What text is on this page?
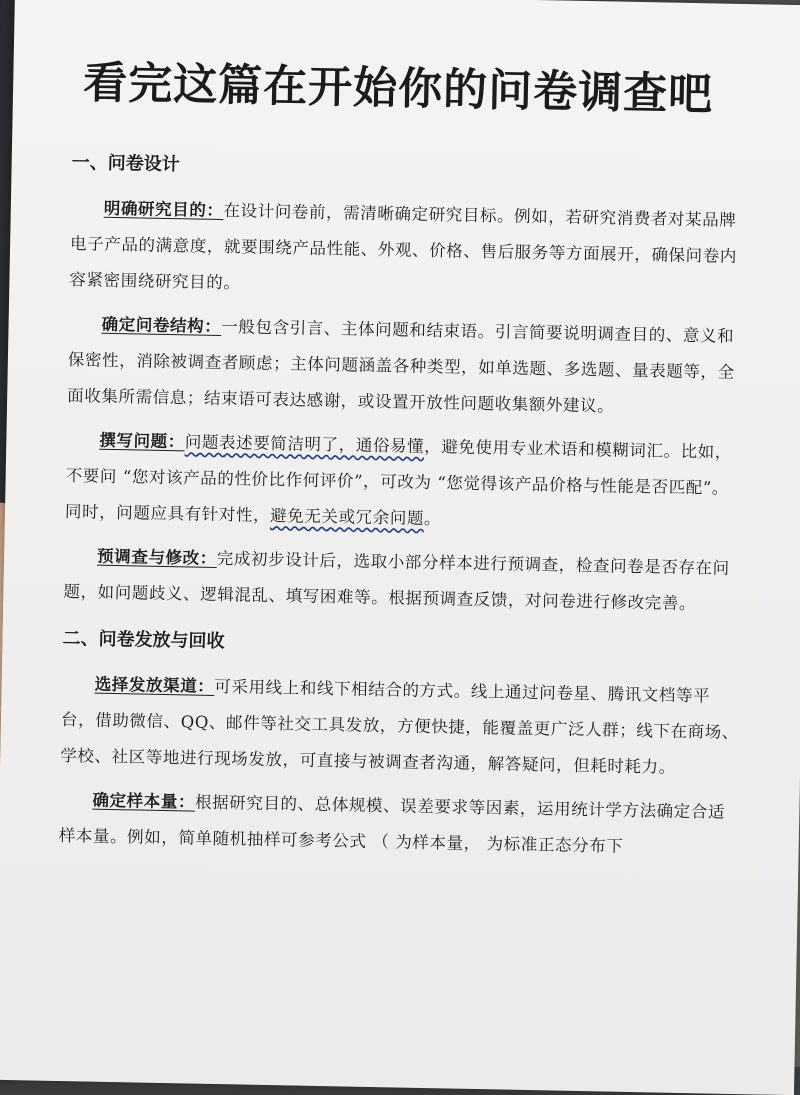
看完这篇在开始你的问卷调查吧
一、问卷设计

明确研究目的：在设计问卷前，需清晰确定研究目标。例如，若研究消费者对某品牌电子产品的满意度，就要围绕产品性能、外观、价格、售后服务等方面展开，确保问卷内容紧密围绕研究目的。

确定问卷结构：一般包含引言、主体问题和结束语。引言简要说明调查目的、意义和保密性，消除被调查者顾虑；主体问题涵盖各种类型，如单选题、多选题、量表题等，全面收集所需信息；结束语可表达感谢，或设置开放性问题收集额外建议。

撰写问题：问题表述要简洁明了，通俗易懂，避免使用专业术语和模糊词汇。比如，不要问 “您对该产品的性价比作何评价”，可改为 “您觉得该产品价格与性能是否匹配”。同时，问题应具有针对性，避免无关或冗余问题。

预调查与修改：完成初步设计后，选取小部分样本进行预调查，检查问卷是否存在问题，如问题歧义、逻辑混乱、填写困难等。根据预调查反馈，对问卷进行修改完善。

二、问卷发放与回收

选择发放渠道：可采用线上和线下相结合的方式。线上通过问卷星、腾讯文档等平台，借助微信、QQ、邮件等社交工具发放，方便快捷，能覆盖更广泛人群；线下在商场、学校、社区等地进行现场发放，可直接与被调查者沟通，解答疑问，但耗时耗力。

确定样本量：根据研究目的、总体规模、误差要求等因素，运用统计学方法确定合适样本量。例如，简单随机抽样可参考公式 （ 为样本量， 为标准正态分布下
